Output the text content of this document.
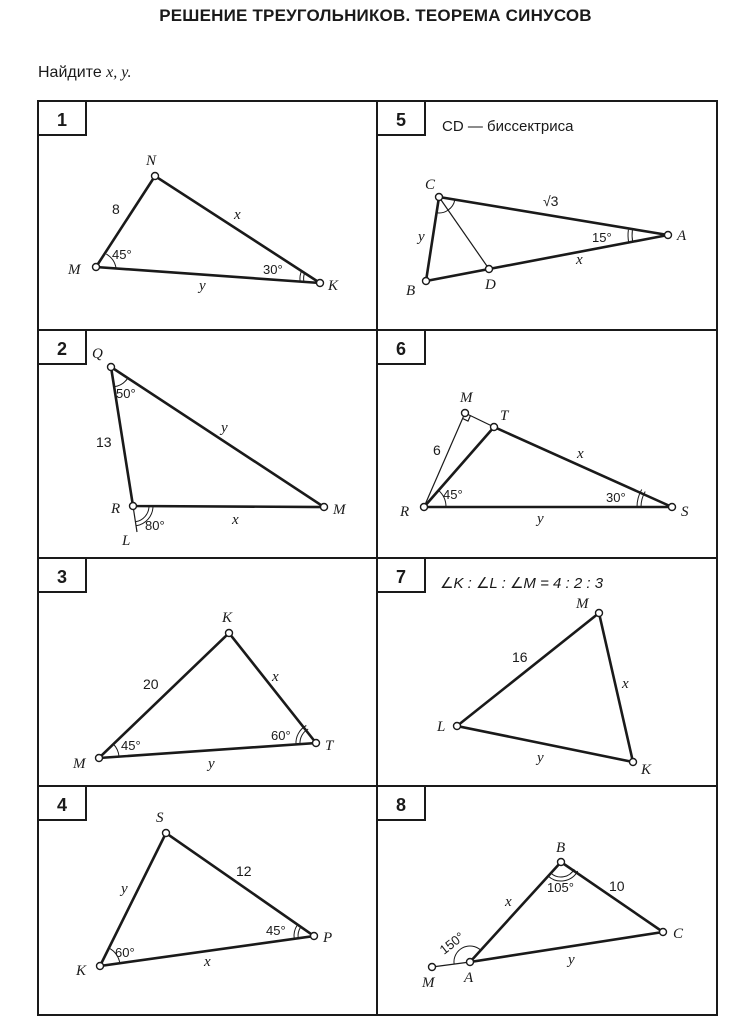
РЕШЕНИЕ ТРЕУГОЛЬНИКОВ. ТЕОРЕМА СИНУСОВ
Найдите x, y.
1
N
M
K
8	x
y
45°
30°
2 Q
R	M
L
13
y
x
50°
80°
3
K
M
T
20	x
y
45°
60°
4
S
K
P
12
y
x
60°
45°
5 CD — биссектриса
C
B
A
D
√3
y
x
15°
6
M
T
R	S
6	x
y
45°	30°
7 ∠K : ∠L : ∠M = 4 : 2 : 3
M
L
K
16
x
y
8
B
A
C
M
x
10
y
105°
150°
